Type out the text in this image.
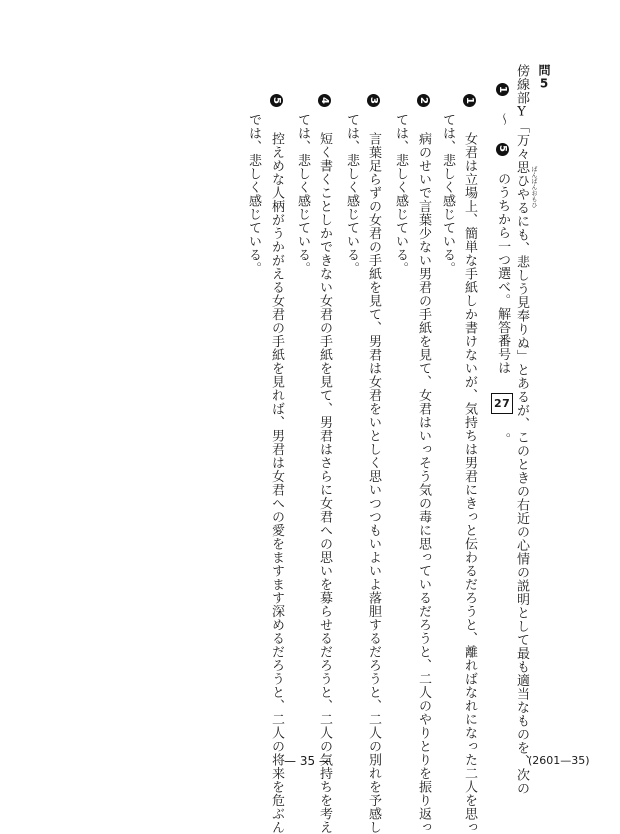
問5
傍線部Y「万々思ひやるにも、悲しう見奉りぬ」とあるが、このときの右近の心情の説明として最も適当なものを、次の ばんばんおもひ
1 〜 5 のうちから一つ選べ。解答番号は 27 。
1 女君は立場上、簡単な手紙しか書けないが、気持ちは男君にきっと伝わるだろうと、離ればなれになった二人を思っ
ては、悲しく感じている。
2 病のせいで言葉少ない男君の手紙を見て、女君はいっそう気の毒に思っているだろうと、二人のやりとりを振り返っ
ては、悲しく感じている。
3 言葉足らずの女君の手紙を見て、男君は女君をいとしく思いつつもいよいよ落胆するだろうと、二人の別れを予感し
ては、悲しく感じている。
4 短く書くことしかできない女君の手紙を見て、男君はさらに女君への思いを募らせるだろうと、二人の気持ちを考え
ては、悲しく感じている。
5 控えめな人柄がうかがえる女君の手紙を見れば、男君は女君への愛をますます深めるだろうと、二人の将来を危ぶん
では、悲しく感じている。
— 35 —	(2601—35)
